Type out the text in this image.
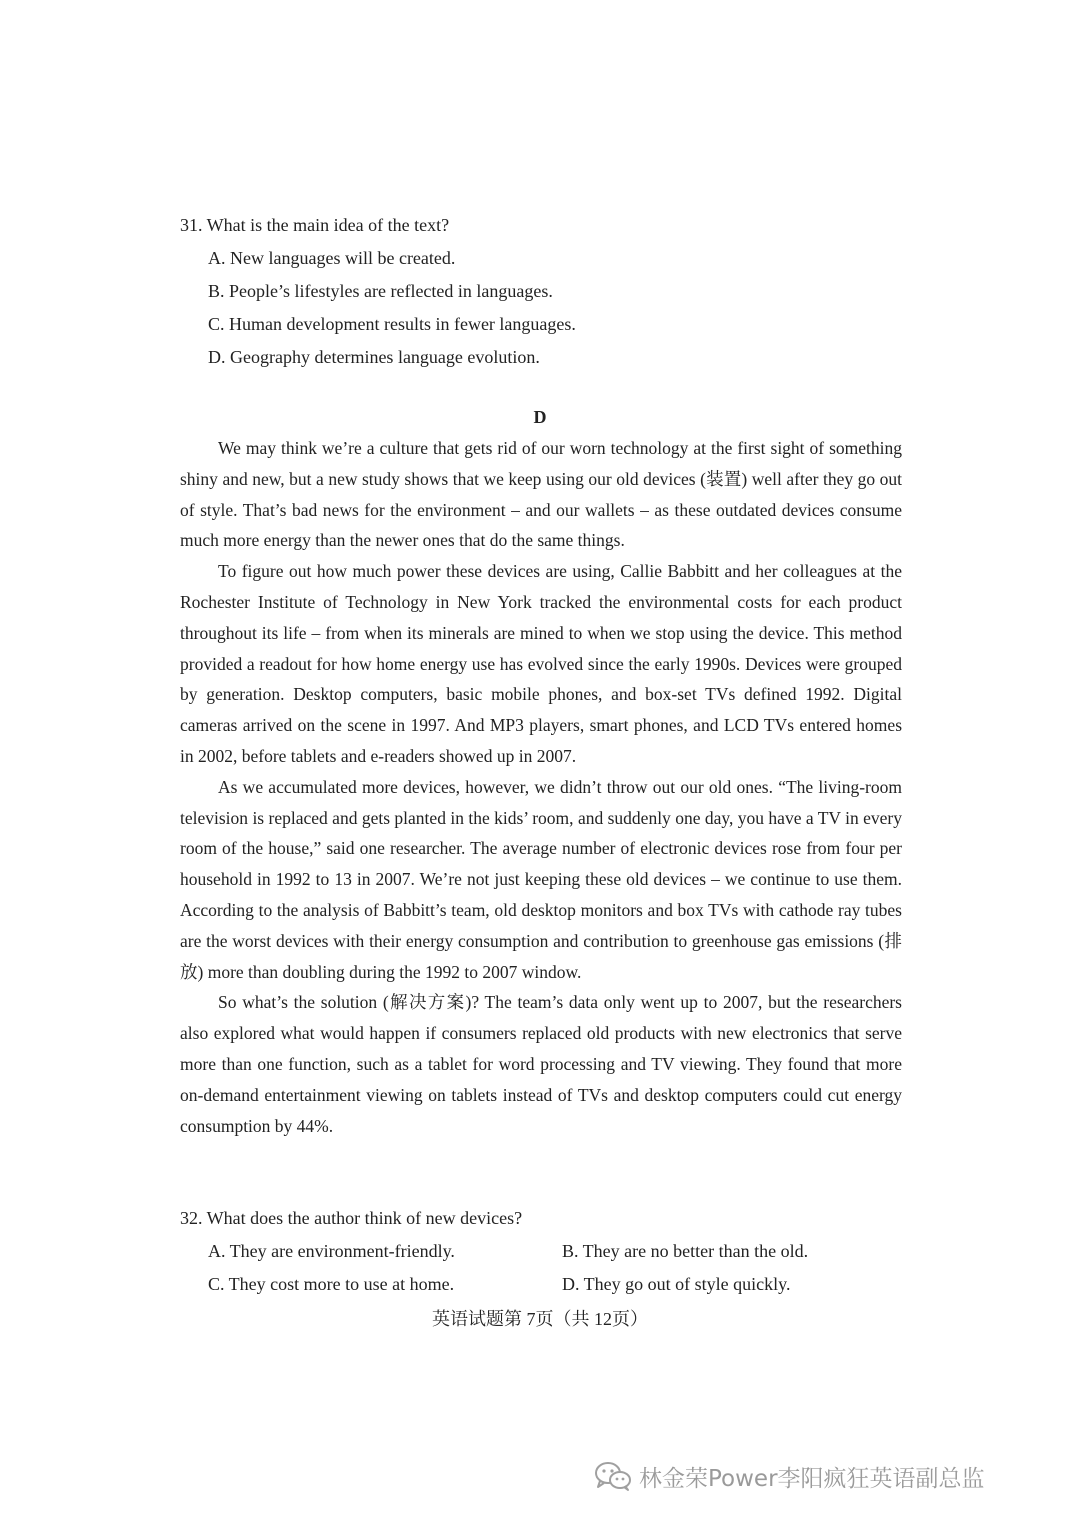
31. What is the main idea of the text?

A. New languages will be created.

B. People’s lifestyles are reflected in languages.

C. Human development results in fewer languages.

D. Geography determines language evolution.

D

We may think we’re a culture that gets rid of our worn technology at the first sight of something shiny and new, but a new study shows that we keep using our old devices (装置) well after they go out of style. That’s bad news for the environment – and our wallets – as these outdated devices consume much more energy than the newer ones that do the same things.

To figure out how much power these devices are using, Callie Babbitt and her colleagues at the Rochester Institute of Technology in New York tracked the environmental costs for each product throughout its life – from when its minerals are mined to when we stop using the device. This method provided a readout for how home energy use has evolved since the early 1990s. Devices were grouped by generation. Desktop computers, basic mobile phones, and box-set TVs defined 1992. Digital cameras arrived on the scene in 1997. And MP3 players, smart phones, and LCD TVs entered homes in 2002, before tablets and e-readers showed up in 2007.

As we accumulated more devices, however, we didn’t throw out our old ones. “The living-room television is replaced and gets planted in the kids’ room, and suddenly one day, you have a TV in every room of the house,” said one researcher. The average number of electronic devices rose from four per household in 1992 to 13 in 2007. We’re not just keeping these old devices – we continue to use them. According to the analysis of Babbitt’s team, old desktop monitors and box TVs with cathode ray tubes are the worst devices with their energy consumption and contribution to greenhouse gas emissions (排放) more than doubling during the 1992 to 2007 window.

So what’s the solution (解决方案)? The team’s data only went up to 2007, but the researchers also explored what would happen if consumers replaced old products with new electronics that serve more than one function, such as a tablet for word processing and TV viewing. They found that more on-demand entertainment viewing on tablets instead of TVs and desktop computers could cut energy consumption by 44%.

32. What does the author think of new devices?

A. They are environment-friendly.	B. They are no better than the old.

C. They cost more to use at home.	D. They go out of style quickly.

英语试题第 7页（共 12页）
林金荣Power李阳疯狂英语副总监
